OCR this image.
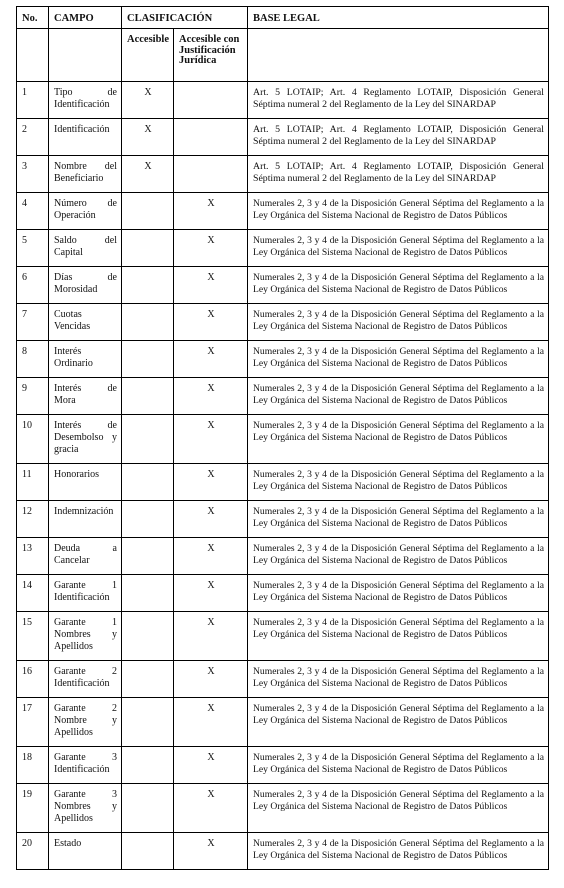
No.	CAMPO	CLASIFICACIÓN		BASE LEGAL
		Accesible	Accesible con Justificación Jurídica	
1	Tipo de Identificación	X		Art. 5 LOTAIP; Art. 4 Reglamento LOTAIP, Disposición General Séptima numeral 2 del Reglamento de la Ley del SINARDAP
2	Identificación	X		Art. 5 LOTAIP; Art. 4 Reglamento LOTAIP, Disposición General Séptima numeral 2 del Reglamento de la Ley del SINARDAP
3	Nombre del Beneficiario	X		Art. 5 LOTAIP; Art. 4 Reglamento LOTAIP, Disposición General Séptima numeral 2 del Reglamento de la Ley del SINARDAP
4	Número de Operación		X	Numerales 2, 3 y 4 de la Disposición General Séptima del Reglamento a la Ley Orgánica del Sistema Nacional de Registro de Datos Públicos
5	Saldo del Capital		X	Numerales 2, 3 y 4 de la Disposición General Séptima del Reglamento a la Ley Orgánica del Sistema Nacional de Registro de Datos Públicos
6	Días de Morosidad		X	Numerales 2, 3 y 4 de la Disposición General Séptima del Reglamento a la Ley Orgánica del Sistema Nacional de Registro de Datos Públicos
7	Cuotas Vencidas		X	Numerales 2, 3 y 4 de la Disposición General Séptima del Reglamento a la Ley Orgánica del Sistema Nacional de Registro de Datos Públicos
8	Interés Ordinario		X	Numerales 2, 3 y 4 de la Disposición General Séptima del Reglamento a la Ley Orgánica del Sistema Nacional de Registro de Datos Públicos
9	Interés de Mora		X	Numerales 2, 3 y 4 de la Disposición General Séptima del Reglamento a la Ley Orgánica del Sistema Nacional de Registro de Datos Públicos
10	Interés de Desembolso y gracia		X	Numerales 2, 3 y 4 de la Disposición General Séptima del Reglamento a la Ley Orgánica del Sistema Nacional de Registro de Datos Públicos
11	Honorarios		X	Numerales 2, 3 y 4 de la Disposición General Séptima del Reglamento a la Ley Orgánica del Sistema Nacional de Registro de Datos Públicos
12	Indemnización		X	Numerales 2, 3 y 4 de la Disposición General Séptima del Reglamento a la Ley Orgánica del Sistema Nacional de Registro de Datos Públicos
13	Deuda a Cancelar		X	Numerales 2, 3 y 4 de la Disposición General Séptima del Reglamento a la Ley Orgánica del Sistema Nacional de Registro de Datos Públicos
14	Garante 1 Identificación		X	Numerales 2, 3 y 4 de la Disposición General Séptima del Reglamento a la Ley Orgánica del Sistema Nacional de Registro de Datos Públicos
15	Garante 1 Nombres y Apellidos		X	Numerales 2, 3 y 4 de la Disposición General Séptima del Reglamento a la Ley Orgánica del Sistema Nacional de Registro de Datos Públicos
16	Garante 2 Identificación		X	Numerales 2, 3 y 4 de la Disposición General Séptima del Reglamento a la Ley Orgánica del Sistema Nacional de Registro de Datos Públicos
17	Garante 2 Nombre y Apellidos		X	Numerales 2, 3 y 4 de la Disposición General Séptima del Reglamento a la Ley Orgánica del Sistema Nacional de Registro de Datos Públicos
18	Garante 3 Identificación		X	Numerales 2, 3 y 4 de la Disposición General Séptima del Reglamento a la Ley Orgánica del Sistema Nacional de Registro de Datos Públicos
19	Garante 3 Nombres y Apellidos		X	Numerales 2, 3 y 4 de la Disposición General Séptima del Reglamento a la Ley Orgánica del Sistema Nacional de Registro de Datos Públicos
20	Estado		X	Numerales 2, 3 y 4 de la Disposición General Séptima del Reglamento a la Ley Orgánica del Sistema Nacional de Registro de Datos Públicos
